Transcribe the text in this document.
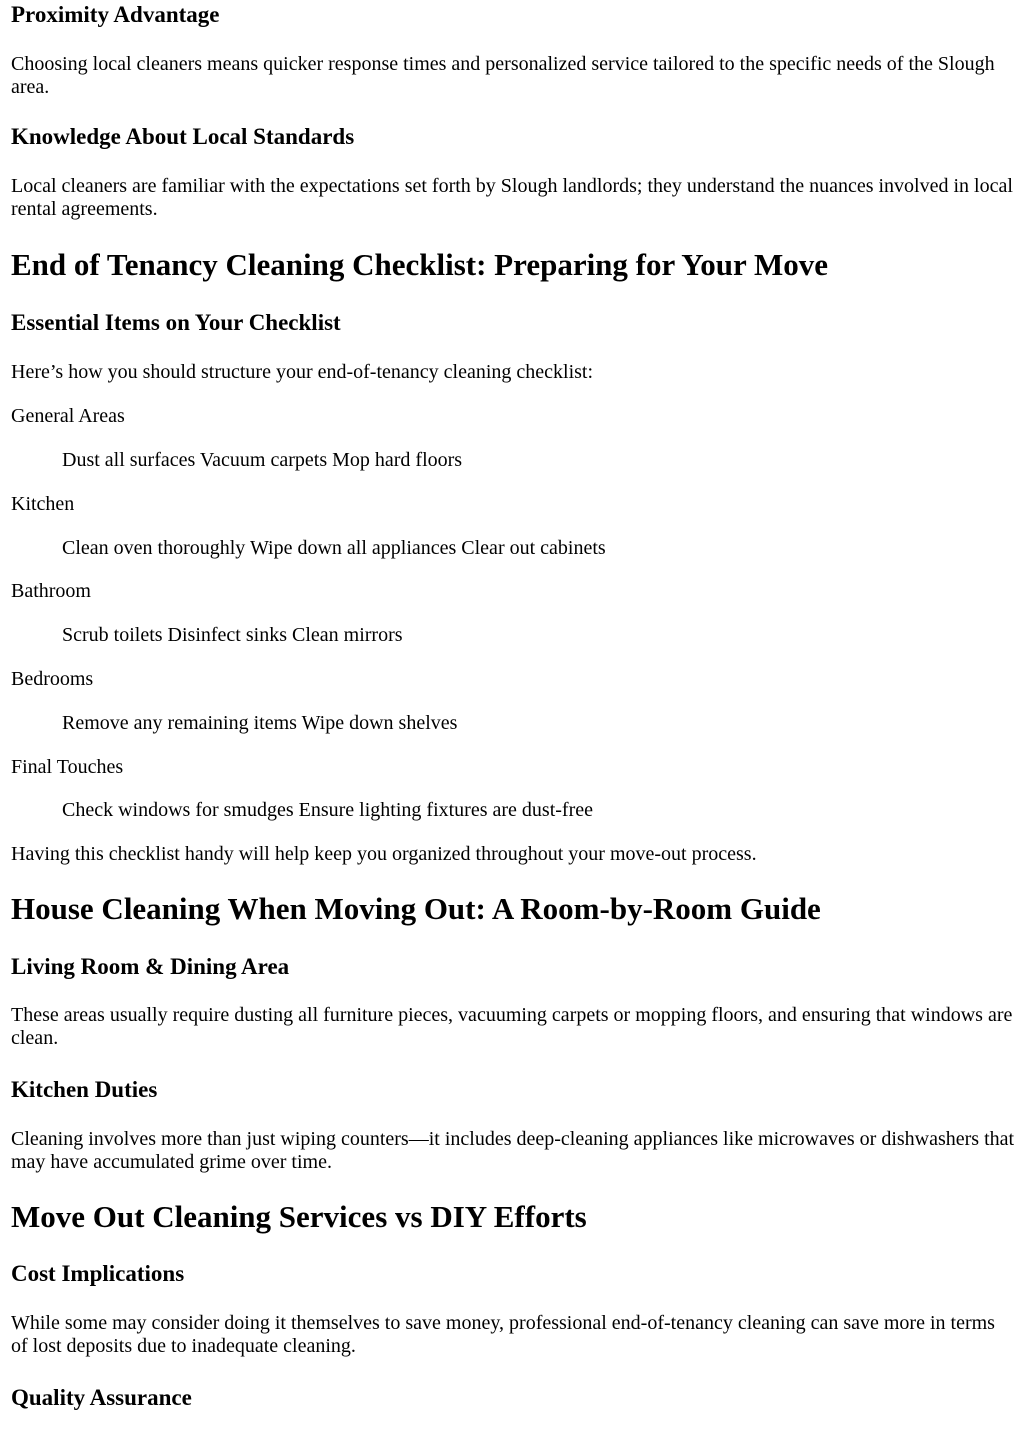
Proximity Advantage

Choosing local cleaners means quicker response times and personalized service tailored to the specific needs of the Slough area.

Knowledge About Local Standards

Local cleaners are familiar with the expectations set forth by Slough landlords; they understand the nuances involved in local rental agreements.

End of Tenancy Cleaning Checklist: Preparing for Your Move
Essential Items on Your Checklist

Here’s how you should structure your end-of-tenancy cleaning checklist:

General Areas

Dust all surfaces Vacuum carpets Mop hard floors

Kitchen

Clean oven thoroughly Wipe down all appliances Clear out cabinets

Bathroom

Scrub toilets Disinfect sinks Clean mirrors

Bedrooms

Remove any remaining items Wipe down shelves

Final Touches

Check windows for smudges Ensure lighting fixtures are dust-free

Having this checklist handy will help keep you organized throughout your move-out process.

House Cleaning When Moving Out: A Room-by-Room Guide
Living Room & Dining Area

These areas usually require dusting all furniture pieces, vacuuming carpets or mopping floors, and ensuring that windows are clean.

Kitchen Duties

Cleaning involves more than just wiping counters—it includes deep-cleaning appliances like microwaves or dishwashers that may have accumulated grime over time.

Move Out Cleaning Services vs DIY Efforts
Cost Implications

While some may consider doing it themselves to save money, professional end-of-tenancy cleaning can save more in terms of lost deposits due to inadequate cleaning.

Quality Assurance
